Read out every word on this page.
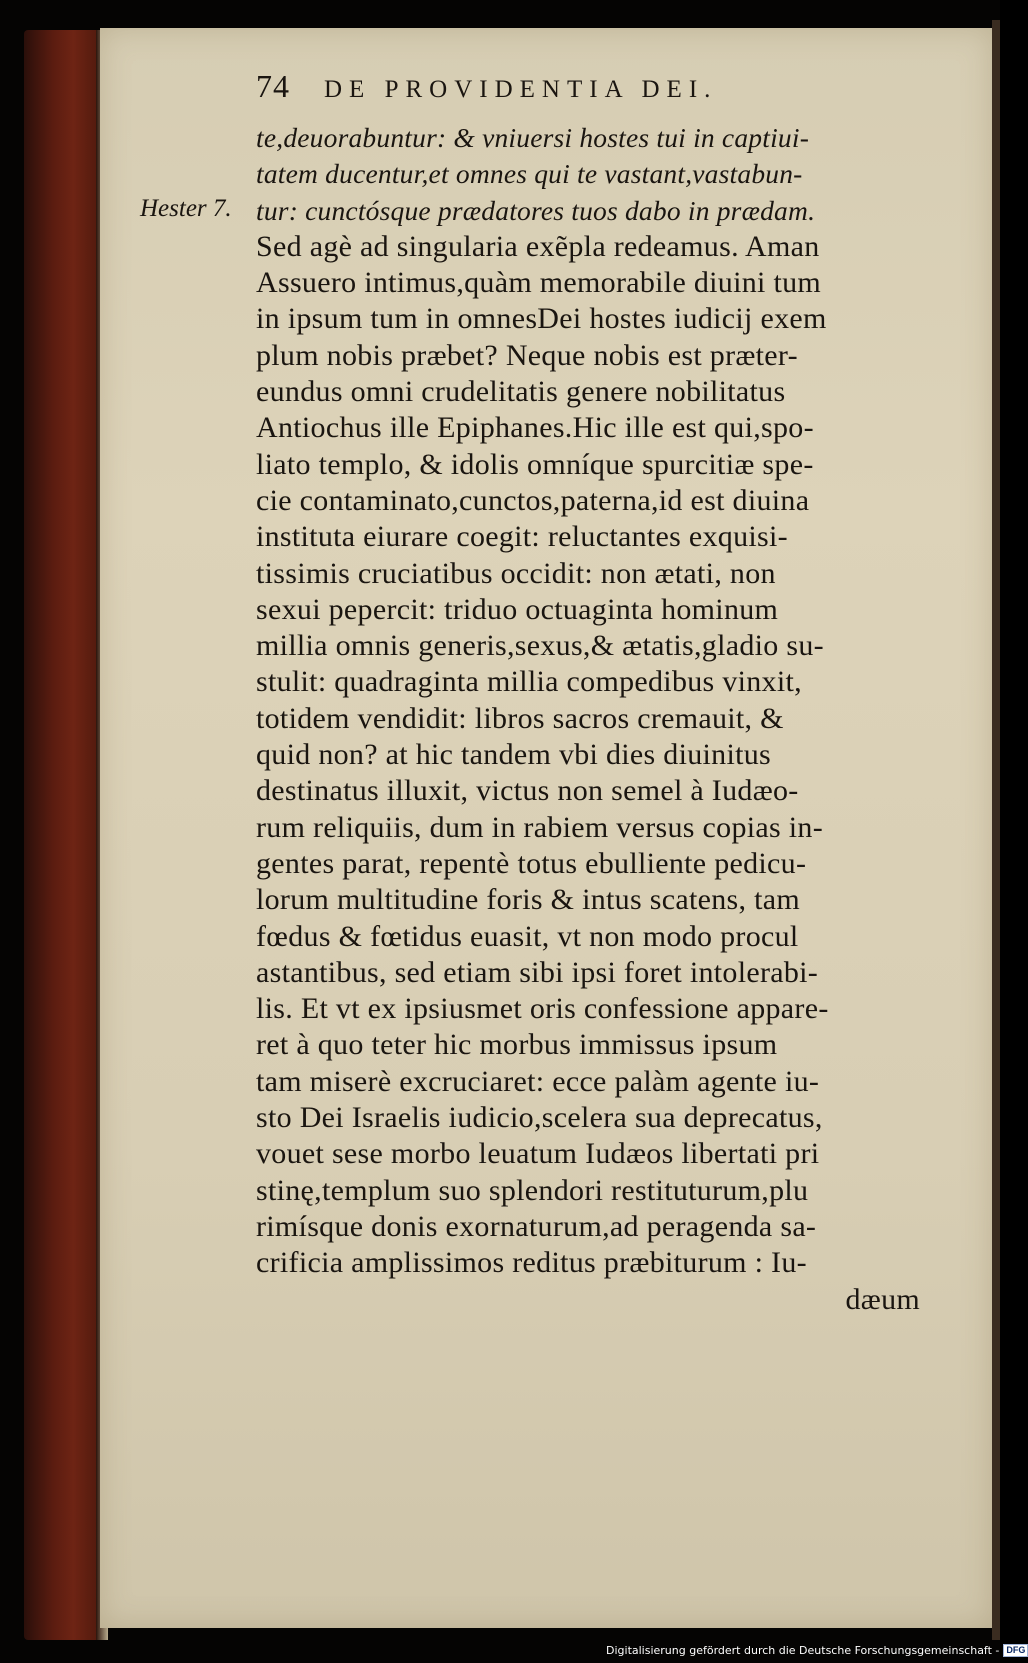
Hester 7.
74 DE PROVIDENTIA DEI.
te,deuorabuntur: & vniuersi hostes tui in captiui-
tatem ducentur,et omnes qui te vastant,vastabun-
tur: cunctósque prædatores tuos dabo in prædam.
Sed agè ad singularia exẽpla redeamus. Aman
Assuero intimus,quàm memorabile diuini tum
in ipsum tum in omnesDei hostes iudicij exem
plum nobis præbet? Neque nobis est præter-
eundus omni crudelitatis genere nobilitatus
Antiochus ille Epiphanes.Hic ille est qui,spo-
liato templo, & idolis omníque spurcitiæ spe-
cie contaminato,cunctos,paterna,id est diuina
instituta eiurare coegit: reluctantes exquisi-
tissimis cruciatibus occidit: non ætati, non
sexui pepercit: triduo octuaginta hominum
millia omnis generis,sexus,& ætatis,gladio su-
stulit: quadraginta millia compedibus vinxit,
totidem vendidit: libros sacros cremauit, &
quid non? at hic tandem vbi dies diuinitus
destinatus illuxit, victus non semel à Iudæo-
rum reliquiis, dum in rabiem versus copias in-
gentes parat, repentè totus ebulliente pedicu-
lorum multitudine foris & intus scatens, tam
fœdus & fœtidus euasit, vt non modo procul
astantibus, sed etiam sibi ipsi foret intolerabi-
lis. Et vt ex ipsiusmet oris confessione appare-
ret à quo teter hic morbus immissus ipsum
tam miserè excruciaret: ecce palàm agente iu-
sto Dei Israelis iudicio,scelera sua deprecatus,
vouet sese morbo leuatum Iudæos libertati pri
stinę,templum suo splendori restituturum,plu
rimísque donis exornaturum,ad peragenda sa-
crificia amplissimos reditus præbiturum : Iu-
dæum
Digitalisierung gefördert durch die Deutsche Forschungsgemeinschaft - DFG
